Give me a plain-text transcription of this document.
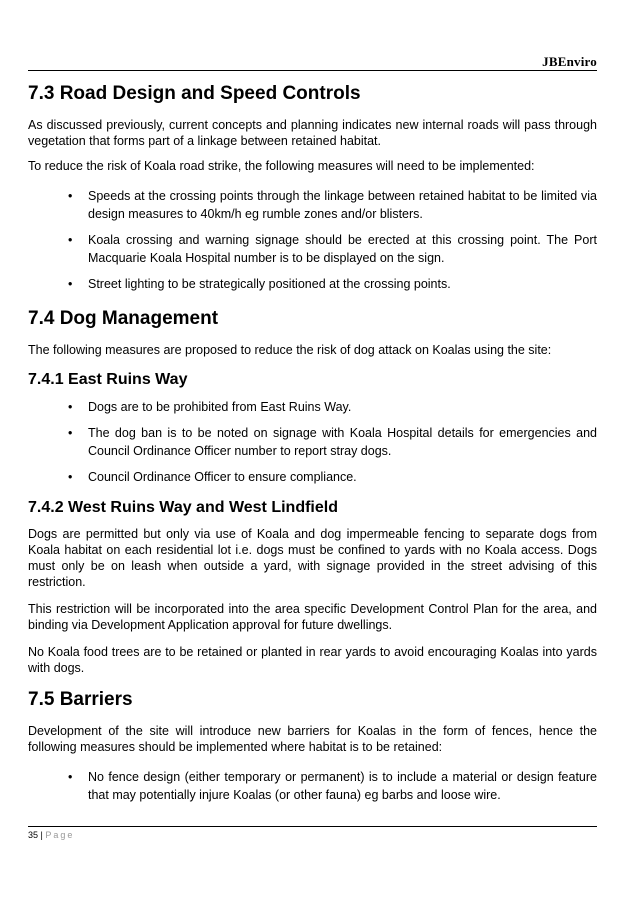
JBEnviro
7.3 Road Design and Speed Controls

As discussed previously, current concepts and planning indicates new internal roads will pass through vegetation that forms part of a linkage between retained habitat.

To reduce the risk of Koala road strike, the following measures will need to be implemented:

• Speeds at the crossing points through the linkage between retained habitat to be limited via design measures to 40km/h eg rumble zones and/or blisters.
• Koala crossing and warning signage should be erected at this crossing point. The Port Macquarie Koala Hospital number is to be displayed on the sign.
• Street lighting to be strategically positioned at the crossing points.
7.4 Dog Management

The following measures are proposed to reduce the risk of dog attack on Koalas using the site:

7.4.1 East Ruins Way
• Dogs are to be prohibited from East Ruins Way.
• The dog ban is to be noted on signage with Koala Hospital details for emergencies and Council Ordinance Officer number to report stray dogs.
• Council Ordinance Officer to ensure compliance.
7.4.2 West Ruins Way and West Lindfield

Dogs are permitted but only via use of Koala and dog impermeable fencing to separate dogs from Koala habitat on each residential lot i.e. dogs must be confined to yards with no Koala access. Dogs must only be on leash when outside a yard, with signage provided in the street advising of this restriction.

This restriction will be incorporated into the area specific Development Control Plan for the area, and binding via Development Application approval for future dwellings.

No Koala food trees are to be retained or planted in rear yards to avoid encouraging Koalas into yards with dogs.

7.5 Barriers

Development of the site will introduce new barriers for Koalas in the form of fences, hence the following measures should be implemented where habitat is to be retained:

• No fence design (either temporary or permanent) is to include a material or design feature that may potentially injure Koalas (or other fauna) eg barbs and loose wire.
35 | Page
